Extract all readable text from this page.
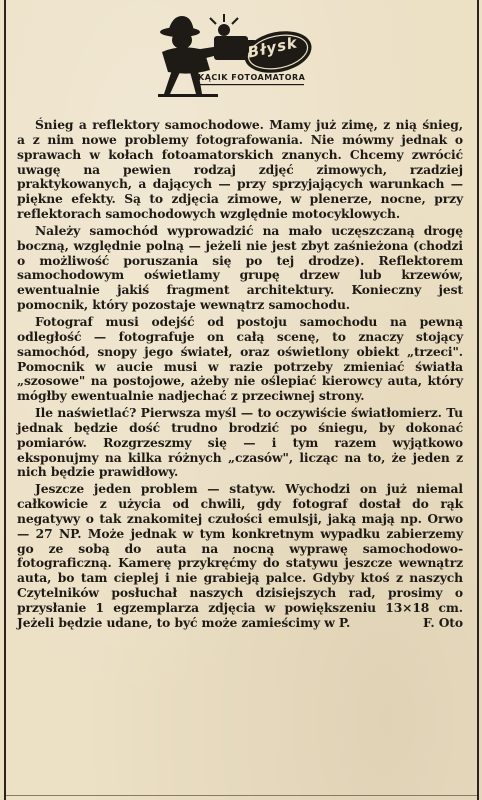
Błysk
KĄCIK FOTOAMATORA

Śnieg a reflektory samochodowe. Mamy już zimę, z nią śnieg, a z nim nowe problemy fotografowania. Nie mówmy jednak o sprawach w kołach fotoamatorskich znanych. Chcemy zwrócić uwagę na pewien rodzaj zdjęć zimowych, rzadziej praktykowanych, a dających — przy sprzyjających warunkach — piękne efekty. Są to zdjęcia zimowe, w plenerze, nocne, przy reflektorach samochodowych względnie motocyklowych.

Należy samochód wyprowadzić na mało uczęszczaną drogę boczną, względnie polną — jeżeli nie jest zbyt zaśnieżona (chodzi o możliwość poruszania się po tej drodze). Reflektorem samochodowym oświetlamy grupę drzew lub krzewów, ewentualnie jakiś fragment architektury. Konieczny jest pomocnik, który pozostaje wewnątrz samochodu.

Fotograf musi odejść od postoju samochodu na pewną odległość — fotografuje on całą scenę, to znaczy stojący samochód, snopy jego świateł, oraz oświetlony obiekt „trzeci". Pomocnik w aucie musi w razie potrzeby zmieniać światła „szosowe" na postojowe, ażeby nie oślepiać kierowcy auta, który mógłby ewentualnie nadjechać z przeciwnej strony.

Ile naświetlać? Pierwsza myśl — to oczywiście światłomierz. Tu jednak będzie dość trudno brodzić po śniegu, by dokonać pomiarów. Rozgrzeszmy się — i tym razem wyjątkowo eksponujmy na kilka różnych „czasów", licząc na to, że jeden z nich będzie prawidłowy.

Jeszcze jeden problem — statyw. Wychodzi on już niemal całkowicie z użycia od chwili, gdy fotograf dostał do rąk negatywy o tak znakomitej czułości emulsji, jaką mają np. Orwo — 27 NP. Może jednak w tym konkretnym wypadku zabierzemy go ze sobą do auta na nocną wyprawę samochodowo-fotograficzną. Kamerę przykręćmy do statywu jeszcze wewnątrz auta, bo tam cieplej i nie grabieją palce. Gdyby ktoś z naszych Czytelników posłuchał naszych dzisiejszych rad, prosimy o przysłanie 1 egzemplarza zdjęcia w powiększeniu 13×18 cm. Jeżeli będzie udane, to być może zamieścimy w P.	F. Oto
